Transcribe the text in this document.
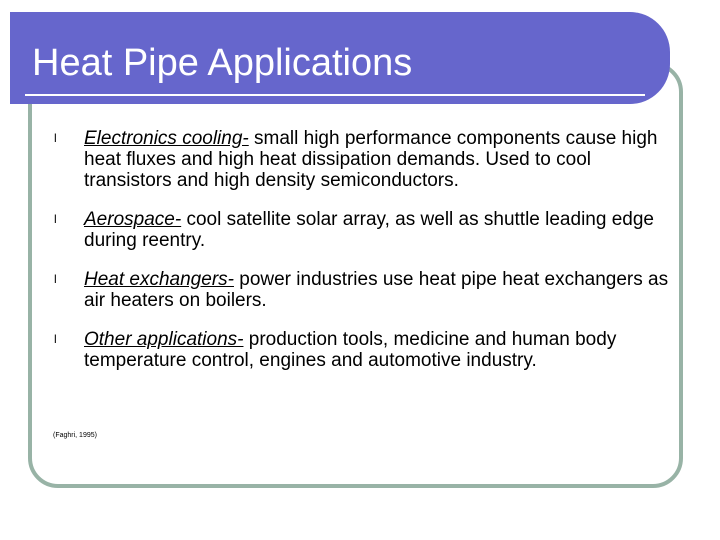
Heat Pipe Applications
l Electronics cooling- small high performance components cause high heat fluxes and high heat dissipation demands. Used to cool transistors and high density semiconductors.
l Aerospace- cool satellite solar array, as well as shuttle leading edge during reentry.
l Heat exchangers- power industries use heat pipe heat exchangers as air heaters on boilers.
l Other applications- production tools, medicine and human body temperature control, engines and automotive industry.
(Faghri, 1995)
